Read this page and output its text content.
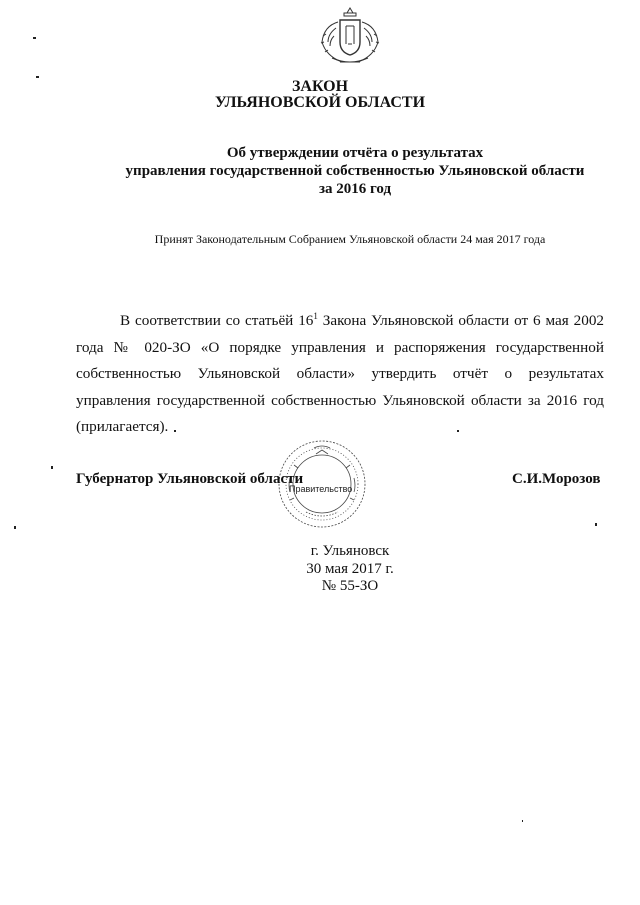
ЗАКОН
УЛЬЯНОВСКОЙ ОБЛАСТИ
Об утверждении отчёта о результатах
управления государственной собственностью Ульяновской области
за 2016 год
Принят Законодательным Собранием Ульяновской области 24 мая 2017 года

В соответствии со статьёй $16^1$ Закона Ульяновской области от 6 мая 2002 года № 020-ЗО «О порядке управления и распоряжения государственной собственностью Ульяновской области» утвердить отчёт о результатах управления государственной собственностью Ульяновской области за 2016 год (прилагается).

Правительство
Губернатор Ульяновской области	С.И.Морозов
г. Ульяновск
30 мая 2017 г.
№ 55-ЗО
